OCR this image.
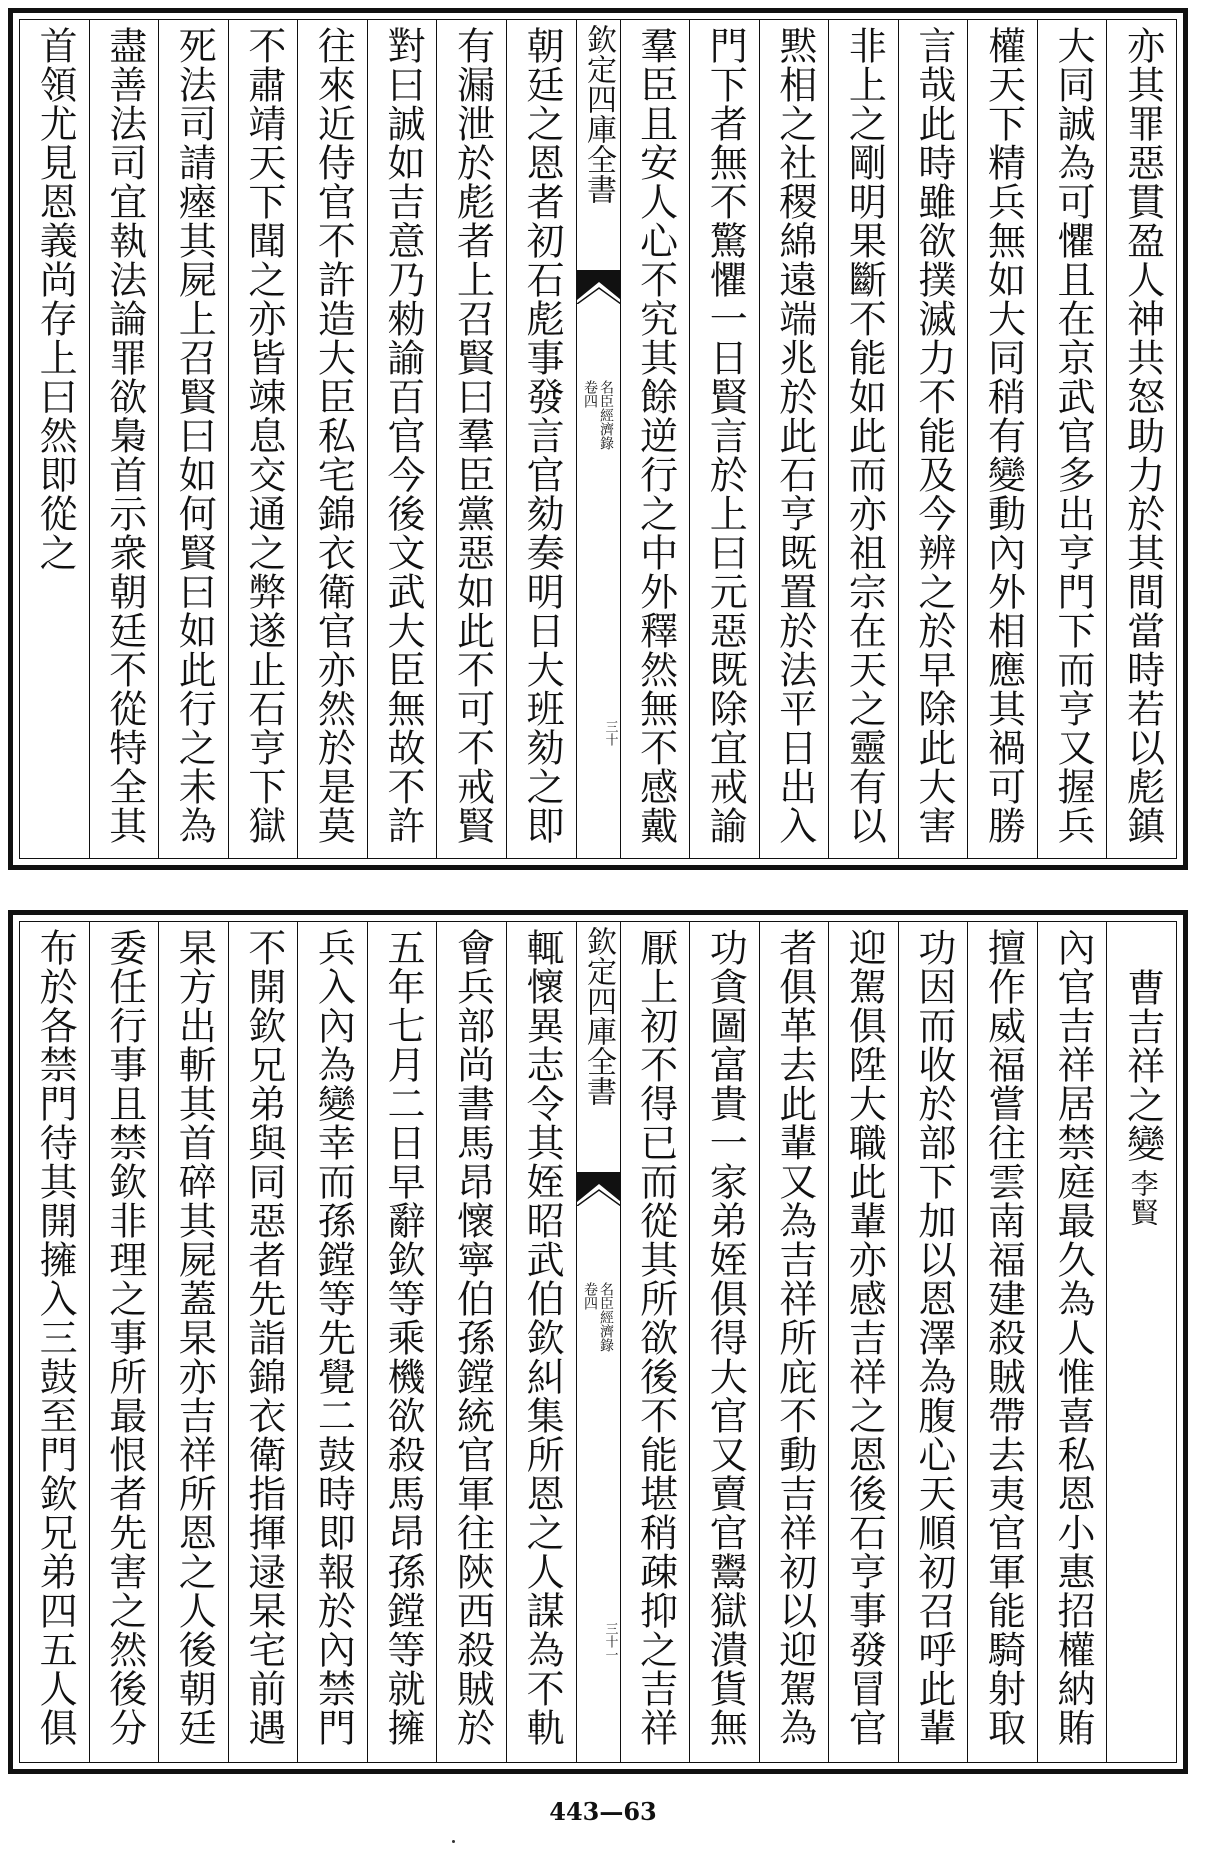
亦其罪惡貫盈人神共怒助力於其間當時若以彪鎮
大同誠為可懼且在京武官多出亨門下而亨又握兵
權天下精兵無如大同稍有變動內外相應其禍可勝
言哉此時雖欲撲滅力不能及今辨之於早除此大害
非上之剛明果斷不能如此而亦祖宗在天之靈有以
黙相之社稷綿遠端兆於此石亨既置於法平日出入
門下者無不驚懼一日賢言於上曰元惡既除宜戒諭
羣臣且安人心不究其餘逆行之中外釋然無不感戴
欽定四庫全書
名臣經濟錄
卷四
三十
朝廷之恩者初石彪事發言官劾奏明日大班劾之即
有漏泄於彪者上召賢曰羣臣黨惡如此不可不戒賢
對曰誠如吉意乃勑諭百官今後文武大臣無故不許
往來近侍官不許造大臣私宅錦衣衛官亦然於是莫
不肅靖天下聞之亦皆竦息交通之弊遂止石亨下獄
死法司請瘞其屍上召賢曰如何賢曰如此行之未為
盡善法司宜執法論罪欲梟首示衆朝廷不從特全其
首領尤見恩義尚存上曰然即從之
曹吉祥之變李賢
內官吉祥居禁庭最久為人惟喜私恩小惠招權納賄
擅作威福嘗往雲南福建殺賊帶去夷官軍能騎射取
功因而收於部下加以恩澤為腹心天順初召呼此輩
迎駕俱陞大職此輩亦感吉祥之恩後石亨事發冒官
者俱革去此輩又為吉祥所庇不動吉祥初以迎駕為
功貪圖富貴一家弟姪俱得大官又賣官鬻獄潰貨無
厭上初不得已而從其所欲後不能堪稍疎抑之吉祥
欽定四庫全書
名臣經濟錄
卷四
三十一
輒懷異志令其姪昭武伯欽糾集所恩之人謀為不軌
會兵部尚書馬昂懷寧伯孫鏜統官軍往陝西殺賊於
五年七月二日早辭欽等乘機欲殺馬昂孫鏜等就擁
兵入內為變幸而孫鏜等先覺二鼓時即報於內禁門
不開欽兄弟與同惡者先詣錦衣衛指揮逯杲宅前遇
杲方出斬其首碎其屍蓋杲亦吉祥所恩之人後朝廷
委任行事且禁欽非理之事所最恨者先害之然後分
布於各禁門待其開擁入三鼓至門欽兄弟四五人俱
443—63
